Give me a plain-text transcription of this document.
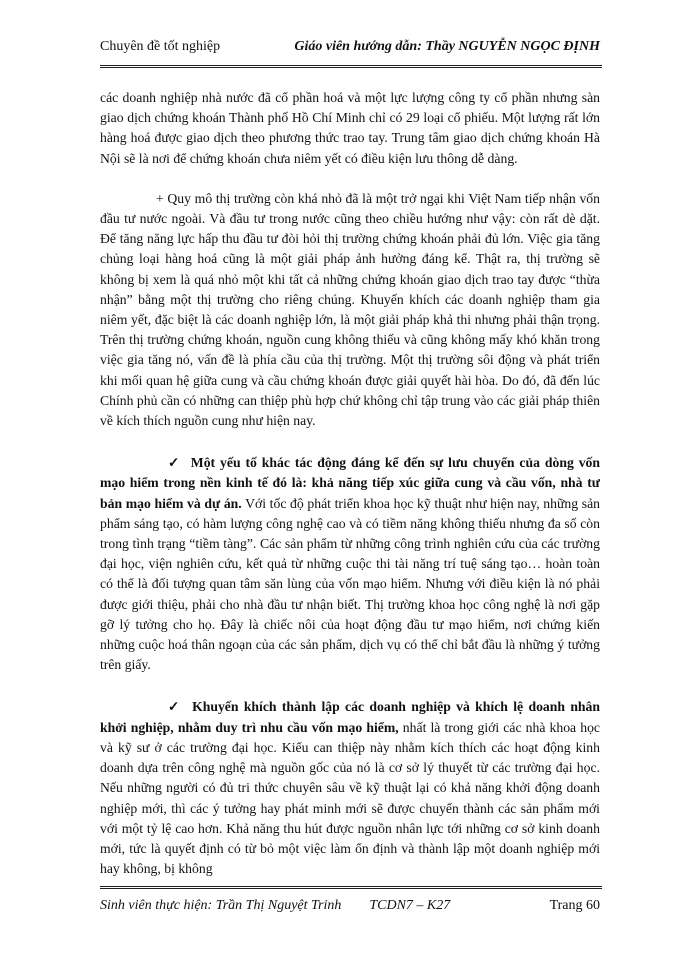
Chuyên đề tốt nghiệp	Giáo viên hướng dẫn: Thầy NGUYỄN NGỌC ĐỊNH

các doanh nghiệp nhà nước đã cổ phần hoá và một lực lượng công ty cổ phần nhưng sàn giao dịch chứng khoán Thành phố Hồ Chí Minh chỉ có 29 loại cổ phiếu. Một lượng rất lớn hàng hoá được giao dịch theo phương thức trao tay. Trung tâm giao dịch chứng khoán Hà Nội sẽ là nơi để chứng khoán chưa niêm yết có điều kiện lưu thông dễ dàng.

+ Quy mô thị trường còn khá nhỏ đã là một trở ngại khi Việt Nam tiếp nhận vốn đầu tư nước ngoài. Và đầu tư trong nước cũng theo chiều hướng như vậy: còn rất dè dặt. Để tăng năng lực hấp thu đầu tư đòi hỏi thị trường chứng khoán phải đủ lớn. Việc gia tăng chủng loại hàng hoá cũng là một giải pháp ảnh hưởng đáng kể. Thật ra, thị trường sẽ không bị xem là quá nhỏ một khi tất cả những chứng khoán giao dịch trao tay được “thừa nhận” bằng một thị trường cho riêng chúng. Khuyến khích các doanh nghiệp tham gia niêm yết, đặc biệt là các doanh nghiệp lớn, là một giải pháp khả thi nhưng phải thận trọng. Trên thị trường chứng khoán, nguồn cung không thiếu và cũng không mấy khó khăn trong việc gia tăng nó, vấn đề là phía cầu của thị trường. Một thị trường sôi động và phát triển khi mối quan hệ giữa cung và cầu chứng khoán được giải quyết hài hòa. Do đó, đã đến lúc Chính phủ cần có những can thiệp phù hợp chứ không chỉ tập trung vào các giải pháp thiên về kích thích nguồn cung như hiện nay.

✓ Một yếu tố khác tác động đáng kể đến sự lưu chuyển của dòng vốn mạo hiểm trong nền kinh tế đó là: khả năng tiếp xúc giữa cung và cầu vốn, nhà tư bản mạo hiểm và dự án. Với tốc độ phát triển khoa học kỹ thuật như hiện nay, những sản phẩm sáng tạo, có hàm lượng công nghệ cao và có tiềm năng không thiếu nhưng đa số còn trong tình trạng “tiềm tàng”. Các sản phẩm từ những công trình nghiên cứu của các trường đại học, viện nghiên cứu, kết quả từ những cuộc thi tài năng trí tuệ sáng tạo… hoàn toàn có thể là đối tượng quan tâm săn lùng của vốn mạo hiểm. Nhưng với điều kiện là nó phải được giới thiệu, phải cho nhà đầu tư nhận biết. Thị trường khoa học công nghệ là nơi gặp gỡ lý tưởng cho họ. Đây là chiếc nôi của hoạt động đầu tư mạo hiểm, nơi chứng kiến những cuộc hoá thân ngoạn của các sản phẩm, dịch vụ có thể chỉ bắt đầu là những ý tưởng trên giấy.

✓ Khuyến khích thành lập các doanh nghiệp và khích lệ doanh nhân khởi nghiệp, nhằm duy trì nhu cầu vốn mạo hiểm, nhất là trong giới các nhà khoa học và kỹ sư ở các trường đại học. Kiểu can thiệp này nhằm kích thích các hoạt động kinh doanh dựa trên công nghệ mà nguồn gốc của nó là cơ sở lý thuyết từ các trường đại học. Nếu những người có đủ tri thức chuyên sâu về kỹ thuật lại có khả năng khởi động doanh nghiệp mới, thì các ý tưởng hay phát minh mới sẽ được chuyển thành các sản phẩm mới với một tỷ lệ cao hơn. Khả năng thu hút được nguồn nhân lực tới những cơ sở kinh doanh mới, tức là quyết định có từ bỏ một việc làm ổn định và thành lập một doanh nghiệp mới hay không, bị không

Sinh viên thực hiện: Trần Thị Nguyệt Trinh TCDN7 – K27	Trang 60
